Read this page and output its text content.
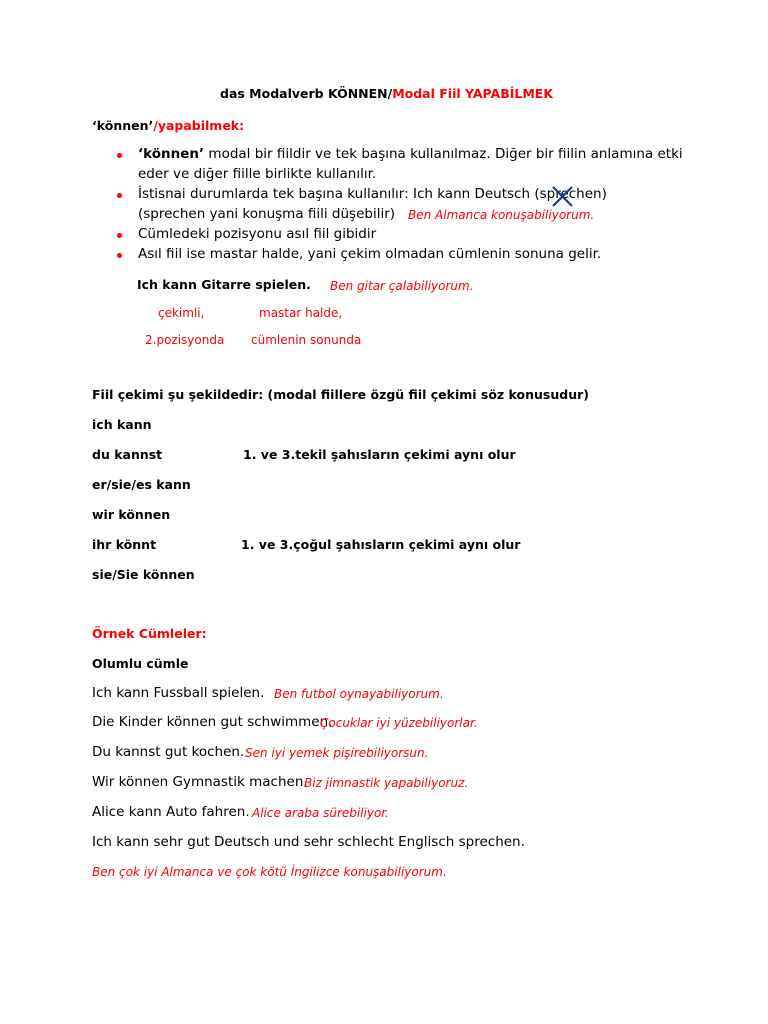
das Modalverb KÖNNEN/Modal Fiil YAPABİLMEK
‘können’/yapabilmek:
‘können’ modal bir fiildir ve tek başına kullanılmaz. Diğer bir fiilin anlamına etki
eder ve diğer fiille birlikte kullanılır.
İstisnai durumlarda tek başına kullanılır: Ich kann Deutsch (sprechen)
(sprechen yani konuşma fiili düşebilir) Ben Almanca konuşabiliyorum.
Cümledeki pozisyonu asıl fiil gibidir
Asıl fiil ise mastar halde, yani çekim olmadan cümlenin sonuna gelir.
Ich kann Gitarre spielen. Ben gitar çalabiliyorum.
çekimli,	mastar halde,
2.pozisyonda cümlenin sonunda
Fiil çekimi şu şekildedir: (modal fiillere özgü fiil çekimi söz konusudur)
ich kann
du kannst	1. ve 3.tekil şahısların çekimi aynı olur
er/sie/es kann
wir können
ihr könnt	1. ve 3.çoğul şahısların çekimi aynı olur
sie/Sie können
Örnek Cümleler:
Olumlu cümle
Ich kann Fussball spielen. Ben futbol oynayabiliyorum.
Die Kinder können gut schwimmen.
Çocuklar iyi yüzebiliyorlar.
Du kannst gut kochen. Sen iyi yemek pişirebiliyorsun.
Wir können Gymnastik machen.
Biz jimnastik yapabiliyoruz.
Alice kann Auto fahren. Alice araba sürebiliyor.
Ich kann sehr gut Deutsch und sehr schlecht Englisch sprechen.
Ben çok iyi Almanca ve çok kötü İngilizce konuşabiliyorum.
